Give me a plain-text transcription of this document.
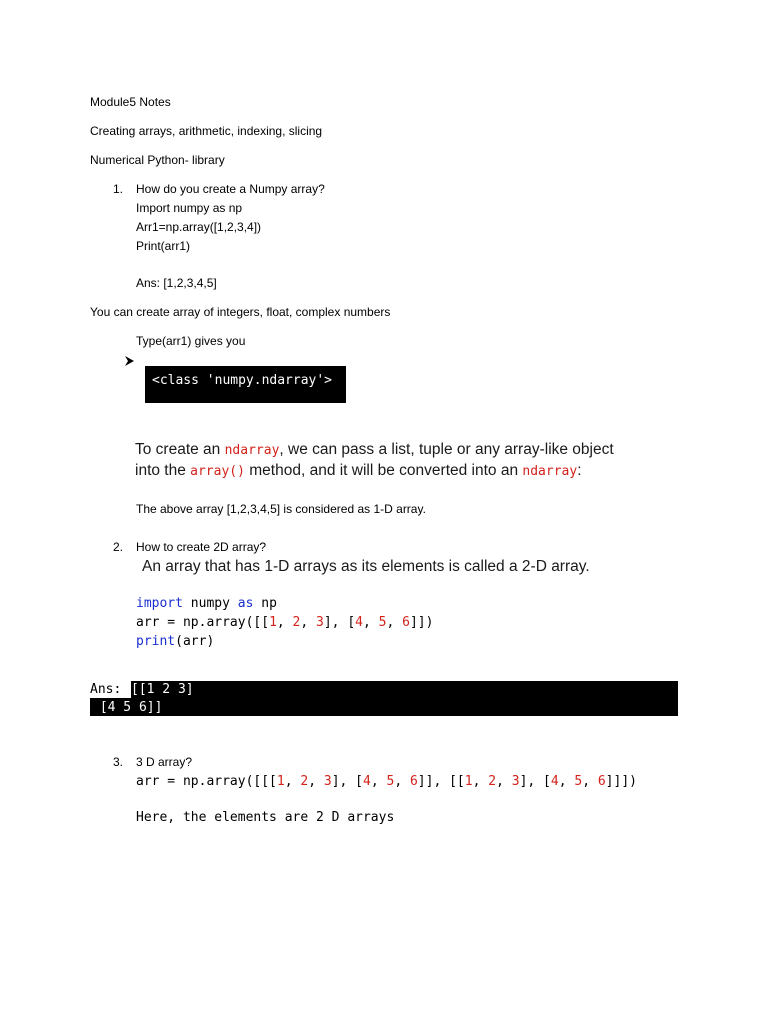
Module5 Notes
Creating arrays, arithmetic, indexing, slicing
Numerical Python- library
1. How do you create a Numpy array?
Import numpy as np
Arr1=np.array([1,2,3,4])
Print(arr1)
Ans: [1,2,3,4,5]
You can create array of integers, float, complex numbers

Type(arr1) gives you
<class 'numpy.ndarray'>
To create an ndarray, we can pass a list, tuple or any array-like object
into the array() method, and it will be converted into an ndarray:
The above array [1,2,3,4,5] is considered as 1-D array.
2. How to create 2D array?
An array that has 1-D arrays as its elements is called a 2-D array.
import numpy as np
arr = np.array([[1, 2, 3], [4, 5, 6]])
print(arr)
Ans: [[1 2 3]
[4 5 6]]
3. 3 D array?
arr = np.array([[[1, 2, 3], [4, 5, 6]], [[1, 2, 3], [4, 5, 6]]])
Here, the elements are 2 D arrays
